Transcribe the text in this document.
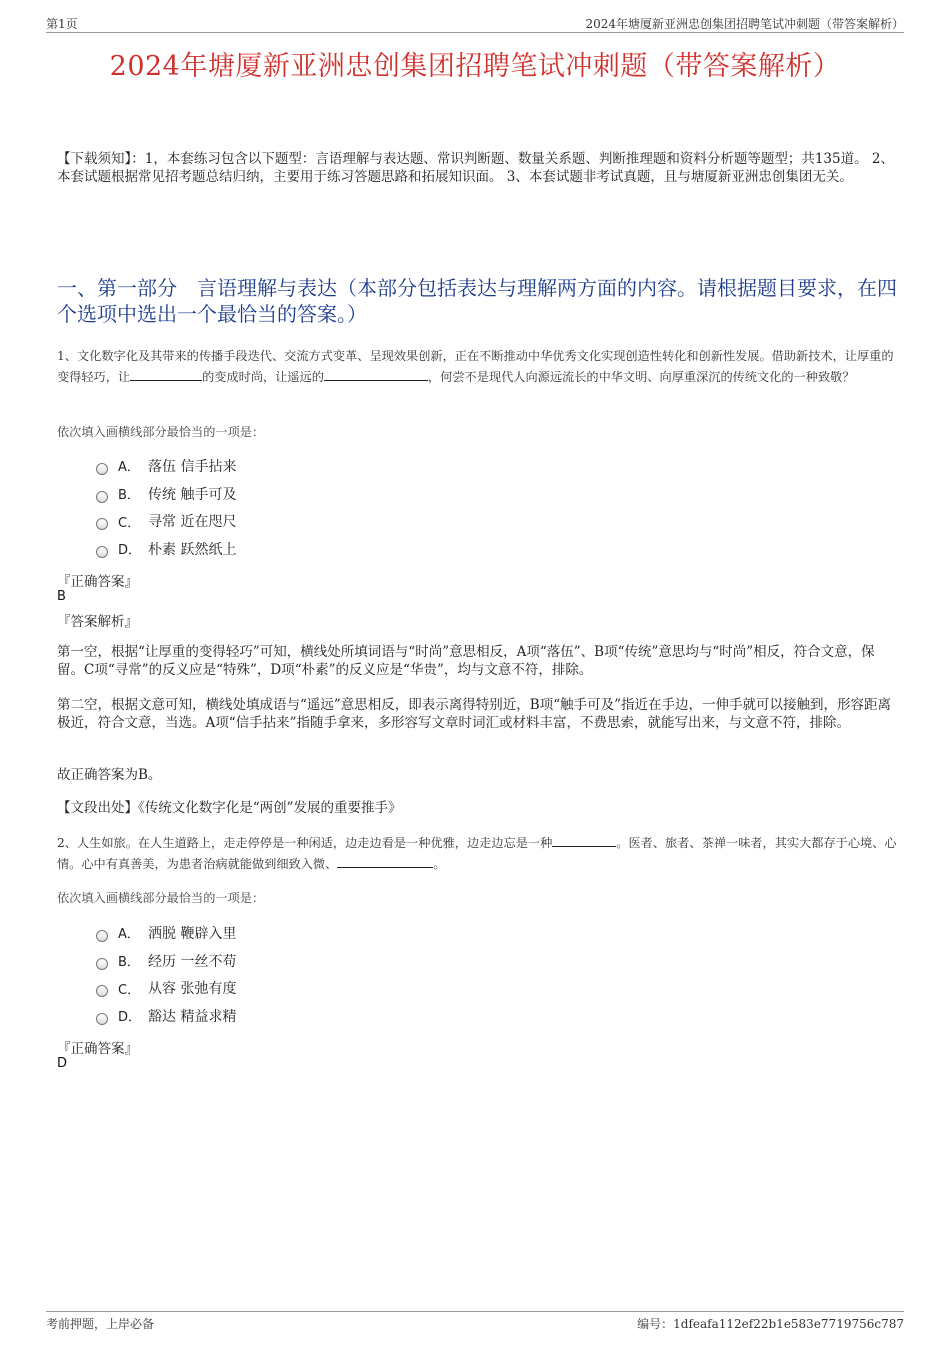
第1页	2024年塘厦新亚洲忠创集团招聘笔试冲刺题（带答案解析）
2024年塘厦新亚洲忠创集团招聘笔试冲刺题（带答案解析）
【下载须知】：1，本套练习包含以下题型：言语理解与表达题、常识判断题、数量关系题、判断推理题和资料分析题等题型；共135道。 2、本套试题根据常见招考题总结归纳，主要用于练习答题思路和拓展知识面。 3、本套试题非考试真题，且与塘厦新亚洲忠创集团无关。
一、第一部分　言语理解与表达（本部分包括表达与理解两方面的内容。请根据题目要求，在四个选项中选出一个最恰当的答案。）
1、文化数字化及其带来的传播手段迭代、交流方式变革、呈现效果创新，正在不断推动中华优秀文化实现创造性转化和创新性发展。借助新技术，让厚重的变得轻巧，让	的变成时尚，让遥远的	，何尝不是现代人向源远流长的中华文明、向厚重深沉的传统文化的一种致敬？
依次填入画横线部分最恰当的一项是：
A． 落伍 信手拈来
B． 传统 触手可及
C． 寻常 近在咫尺
D． 朴素 跃然纸上
『正确答案』
B
『答案解析』
第一空，根据“让厚重的变得轻巧”可知，横线处所填词语与“时尚”意思相反，A项“落伍”、B项“传统”意思均与“时尚”相反，符合文意，保留。C项“寻常”的反义应是“特殊”，D项“朴素”的反义应是“华贵”，均与文意不符，排除。
第二空，根据文意可知，横线处填成语与“遥远”意思相反，即表示离得特别近，B项“触手可及”指近在手边，一伸手就可以接触到，形容距离极近，符合文意，当选。A项“信手拈来”指随手拿来，多形容写文章时词汇或材料丰富，不费思索，就能写出来，与文意不符，排除。
故正确答案为B。
【文段出处】《传统文化数字化是“两创”发展的重要推手》
2、人生如旅。在人生道路上，走走停停是一种闲适，边走边看是一种优雅，边走边忘是一种	。医者、旅者、茶禅一味者，其实大都存于心境、心情。心中有真善美，为患者治病就能做到细致入微、	。
依次填入画横线部分最恰当的一项是：
A． 洒脱 鞭辟入里
B． 经历 一丝不苟
C． 从容 张弛有度
D． 豁达 精益求精
『正确答案』
D
考前押题，上岸必备	编号：1dfeafa112ef22b1e583e7719756c787
